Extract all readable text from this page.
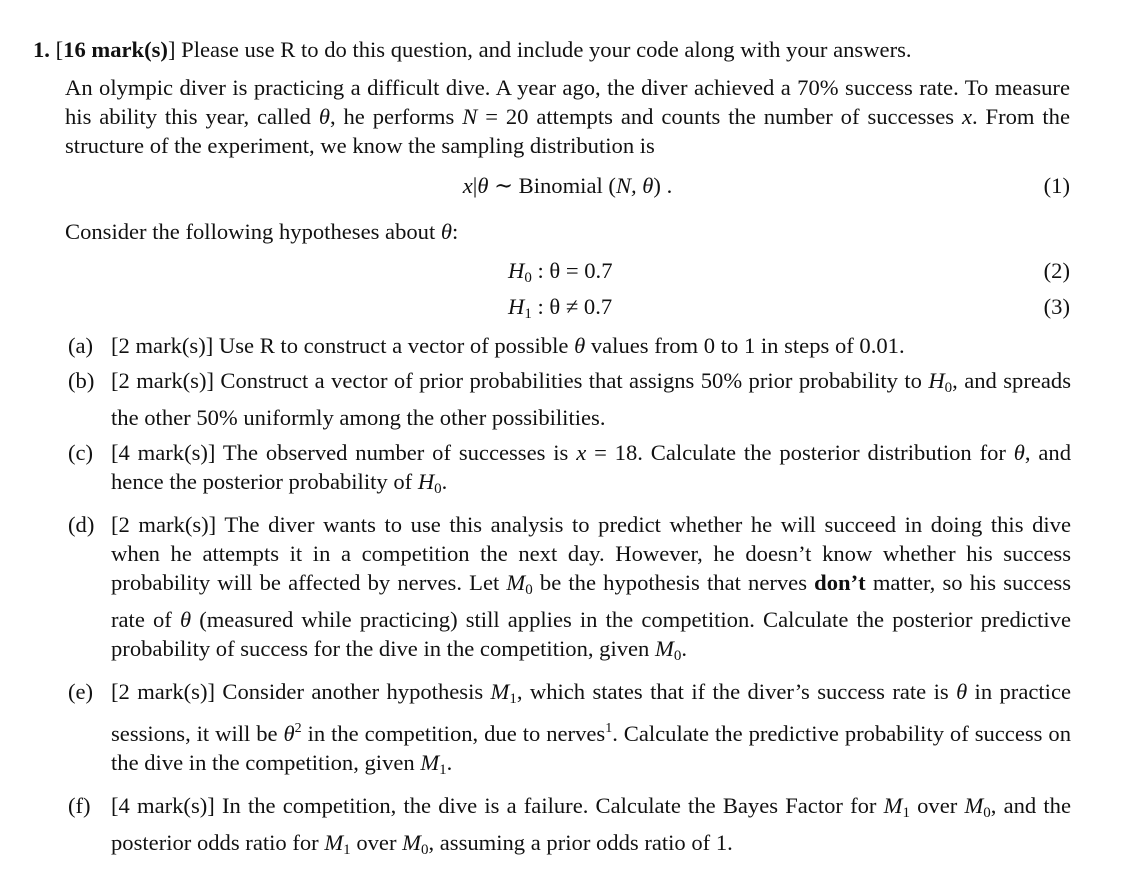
1. [16 mark(s)] Please use R to do this question, and include your code along with your answers.
An olympic diver is practicing a difficult dive. A year ago, the diver achieved a 70% success rate. To measure his ability this year, called θ, he performs N = 20 attempts and counts the number of successes x. From the structure of the experiment, we know the sampling distribution is
x|θ ∼ Binomial (N, θ) .	(1)
Consider the following hypotheses about θ:
$H_0$ : θ = 0.7	(2)
$H_1$ : θ ≠ 0.7	(3)
(a) [2 mark(s)] Use R to construct a vector of possible θ values from 0 to 1 in steps of 0.01.
(b) [2 mark(s)] Construct a vector of prior probabilities that assigns 50% prior probability to $H_0$, and spreads the other 50% uniformly among the other possibilities.
(c) [4 mark(s)] The observed number of successes is x = 18. Calculate the posterior distribution for θ, and hence the posterior probability of $H_0$.
(d) [2 mark(s)] The diver wants to use this analysis to predict whether he will succeed in doing this dive when he attempts it in a competition the next day. However, he doesn’t know whether his success probability will be affected by nerves. Let $M_0$ be the hypothesis that nerves don’t matter, so his success rate of θ (measured while practicing) still applies in the competition. Calculate the posterior predictive probability of success for the dive in the competition, given $M_0$.
(e) [2 mark(s)] Consider another hypothesis $M_1$, which states that if the diver’s success rate is θ in practice sessions, it will be $\theta^2$ in the competition, due to nerves$^1$. Calculate the predictive probability of success on the dive in the competition, given $M_1$.
(f) [4 mark(s)] In the competition, the dive is a failure. Calculate the Bayes Factor for $M_1$ over $M_0$, and the posterior odds ratio for $M_1$ over $M_0$, assuming a prior odds ratio of 1.
